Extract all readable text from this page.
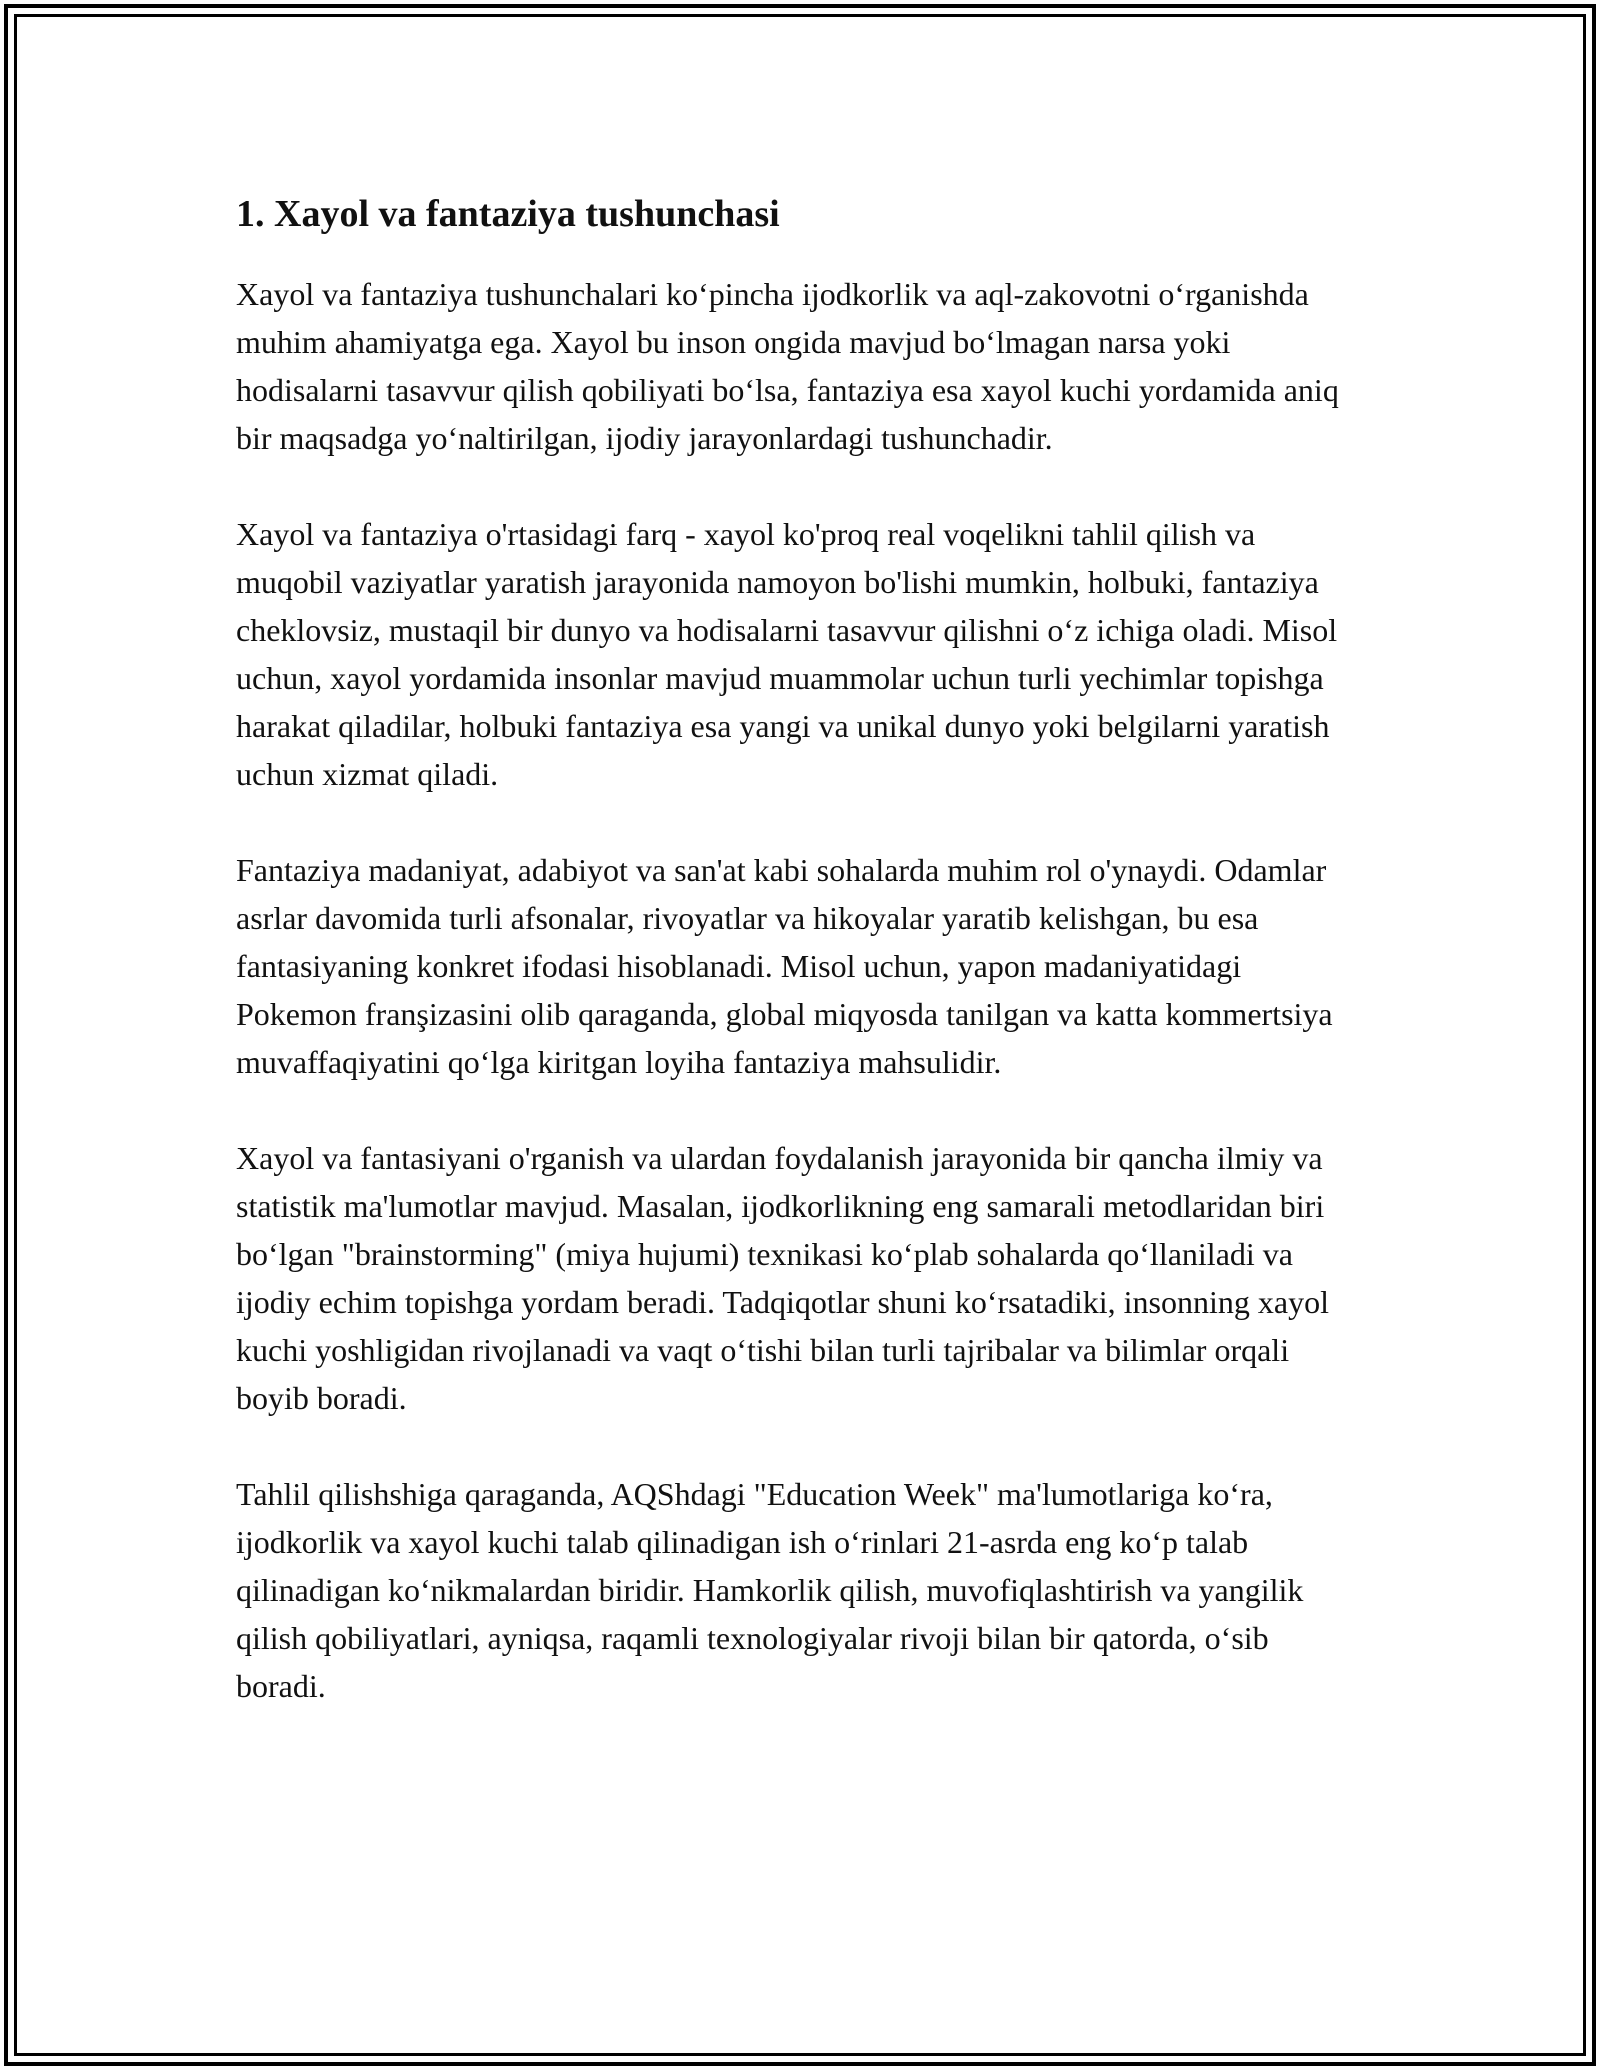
1. Xayol va fantaziya tushunchasi

Xayol va fantaziya tushunchalari ko‘pincha ijodkorlik va aql-zakovotni o‘rganishda muhim ahamiyatga ega. Xayol bu inson ongida mavjud bo‘lmagan narsa yoki hodisalarni tasavvur qilish qobiliyati bo‘lsa, fantaziya esa xayol kuchi yordamida aniq bir maqsadga yo‘naltirilgan, ijodiy jarayonlardagi tushunchadir.

Xayol va fantaziya o'rtasidagi farq - xayol ko'proq real voqelikni tahlil qilish va muqobil vaziyatlar yaratish jarayonida namoyon bo'lishi mumkin, holbuki, fantaziya cheklovsiz, mustaqil bir dunyo va hodisalarni tasavvur qilishni o‘z ichiga oladi. Misol uchun, xayol yordamida insonlar mavjud muammolar uchun turli yechimlar topishga harakat qiladilar, holbuki fantaziya esa yangi va unikal dunyo yoki belgilarni yaratish uchun xizmat qiladi.

Fantaziya madaniyat, adabiyot va san'at kabi sohalarda muhim rol o'ynaydi. Odamlar asrlar davomida turli afsonalar, rivoyatlar va hikoyalar yaratib kelishgan, bu esa fantasiyaning konkret ifodasi hisoblanadi. Misol uchun, yapon madaniyatidagi Pokemon franşizasini olib qaraganda, global miqyosda tanilgan va katta kommertsiya muvaffaqiyatini qo‘lga kiritgan loyiha fantaziya mahsulidir.

Xayol va fantasiyani o'rganish va ulardan foydalanish jarayonida bir qancha ilmiy va statistik ma'lumotlar mavjud. Masalan, ijodkorlikning eng samarali metodlaridan biri bo‘lgan "brainstorming" (miya hujumi) texnikasi ko‘plab sohalarda qo‘llaniladi va ijodiy echim topishga yordam beradi. Tadqiqotlar shuni ko‘rsatadiki, insonning xayol kuchi yoshligidan rivojlanadi va vaqt o‘tishi bilan turli tajribalar va bilimlar orqali boyib boradi.

Tahlil qilishshiga qaraganda, AQShdagi "Education Week" ma'lumotlariga ko‘ra, ijodkorlik va xayol kuchi talab qilinadigan ish o‘rinlari 21-asrda eng ko‘p talab qilinadigan ko‘nikmalardan biridir. Hamkorlik qilish, muvofiqlashtirish va yangilik qilish qobiliyatlari, ayniqsa, raqamli texnologiyalar rivoji bilan bir qatorda, o‘sib boradi.
